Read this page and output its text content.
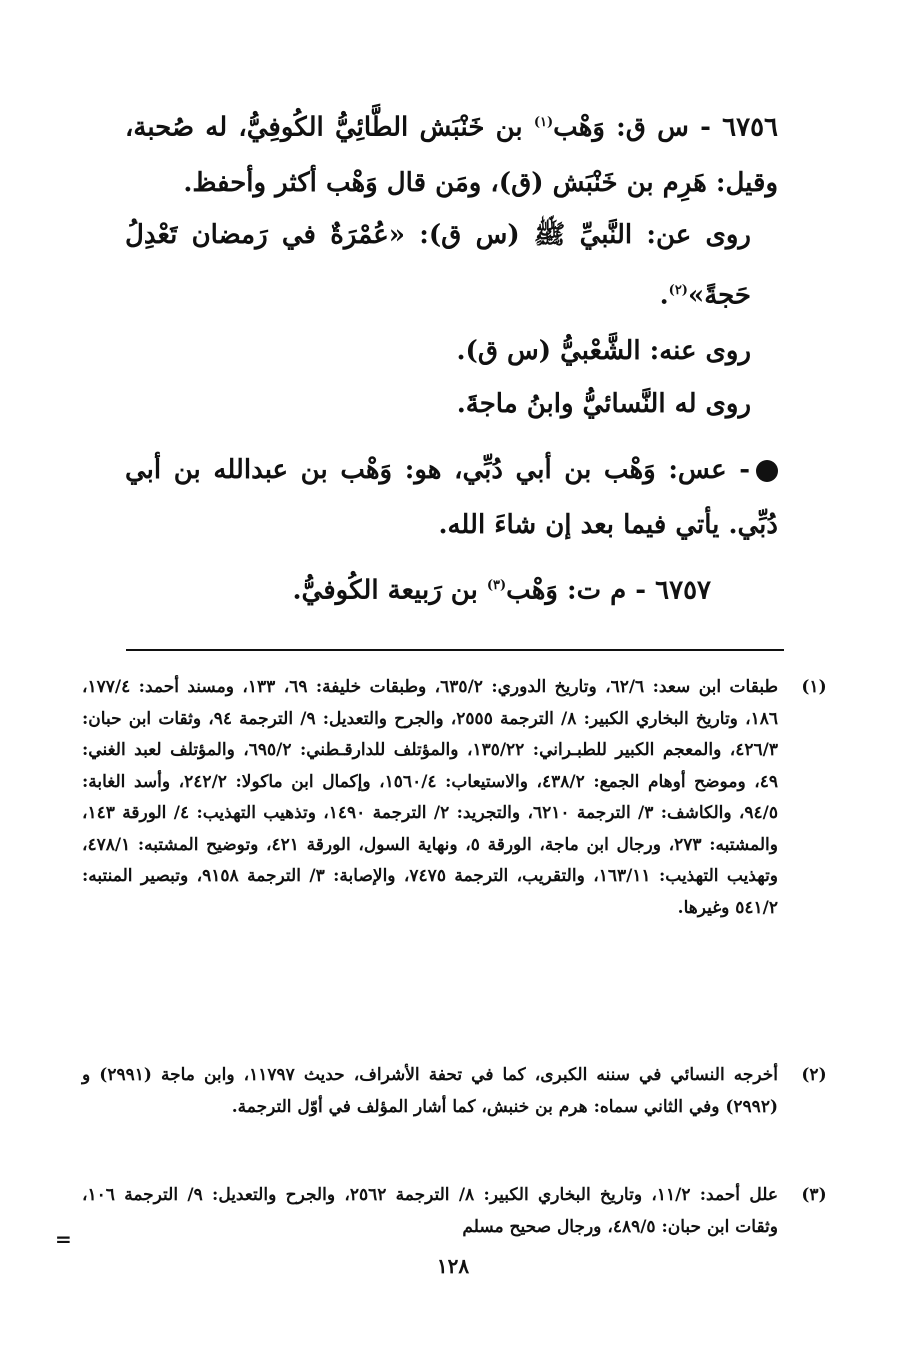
٦٧٥٦ - س ق: وَهْب$^{(١)}$ بن خَنْبَش الطَّائِيُّ الكُوفِيُّ، له صُحبة، وقيل: هَرِم بن خَنْبَش (ق)، ومَن قال وَهْب أكثر وأحفظ.
روى عن: النَّبيِّ ﷺ (س ق): «عُمْرَةٌ في رَمضان تَعْدِلُ حَجةً»$^{(٢)}$.
روى عنه: الشَّعْبيُّ (س ق).
روى له النَّسائيُّ وابنُ ماجةَ.
- عس: وَهْب بن أبي دُبِّي، هو: وَهْب بن عبدالله بن أبي دُبِّي. يأتي فيما بعد إن شاءَ الله.
٦٧٥٧ - م ت: وَهْب$^{(٣)}$ بن رَبيعة الكُوفيُّ.
(١)
طبقات ابن سعد: ٦٢/٦، وتاريخ الدوري: ٦٣٥/٢، وطبقات خليفة: ٦٩، ١٣٣، ومسند أحمد: ١٧٧/٤، ١٨٦، وتاريخ البخاري الكبير: ٨/ الترجمة ٢٥٥٥، والجرح والتعديل: ٩/ الترجمة ٩٤، وثقات ابن حبان: ٤٢٦/٣، والمعجم الكبير للطبـراني: ١٣٥/٢٢، والمؤتلف للدارقـطني: ٦٩٥/٢، والمؤتلف لعبد الغني: ٤٩، وموضح أوهام الجمع: ٤٣٨/٢، والاستيعاب: ١٥٦٠/٤، وإكمال ابن ماكولا: ٢٤٢/٢، وأسد الغابة: ٩٤/٥، والكاشف: ٣/ الترجمة ٦٢١٠، والتجريد: ٢/ الترجمة ١٤٩٠، وتذهيب التهذيب: ٤/ الورقة ١٤٣، والمشتبه: ٢٧٣، ورجال ابن ماجة، الورقة ٥، ونهاية السول، الورقة ٤٢١، وتوضيح المشتبه: ٤٧٨/١، وتهذيب التهذيب: ١٦٣/١١، والتقريب، الترجمة ٧٤٧٥، والإصابة: ٣/ الترجمة ٩١٥٨، وتبصير المنتبه: ٥٤١/٢ وغيرها.
(٢)
أخرجه النسائي في سننه الكبرى، كما في تحفة الأشراف، حديث ١١٧٩٧، وابن ماجة (٢٩٩١) و (٢٩٩٢) وفي الثاني سماه: هرم بن خنبش، كما أشار المؤلف في أوّل الترجمة.
(٣)
علل أحمد: ١١/٢، وتاريخ البخاري الكبير: ٨/ الترجمة ٢٥٦٢، والجرح والتعديل: ٩/ الترجمة ١٠٦، وثقات ابن حبان: ٤٨٩/٥، ورجال صحيح مسلم
=
١٢٨
